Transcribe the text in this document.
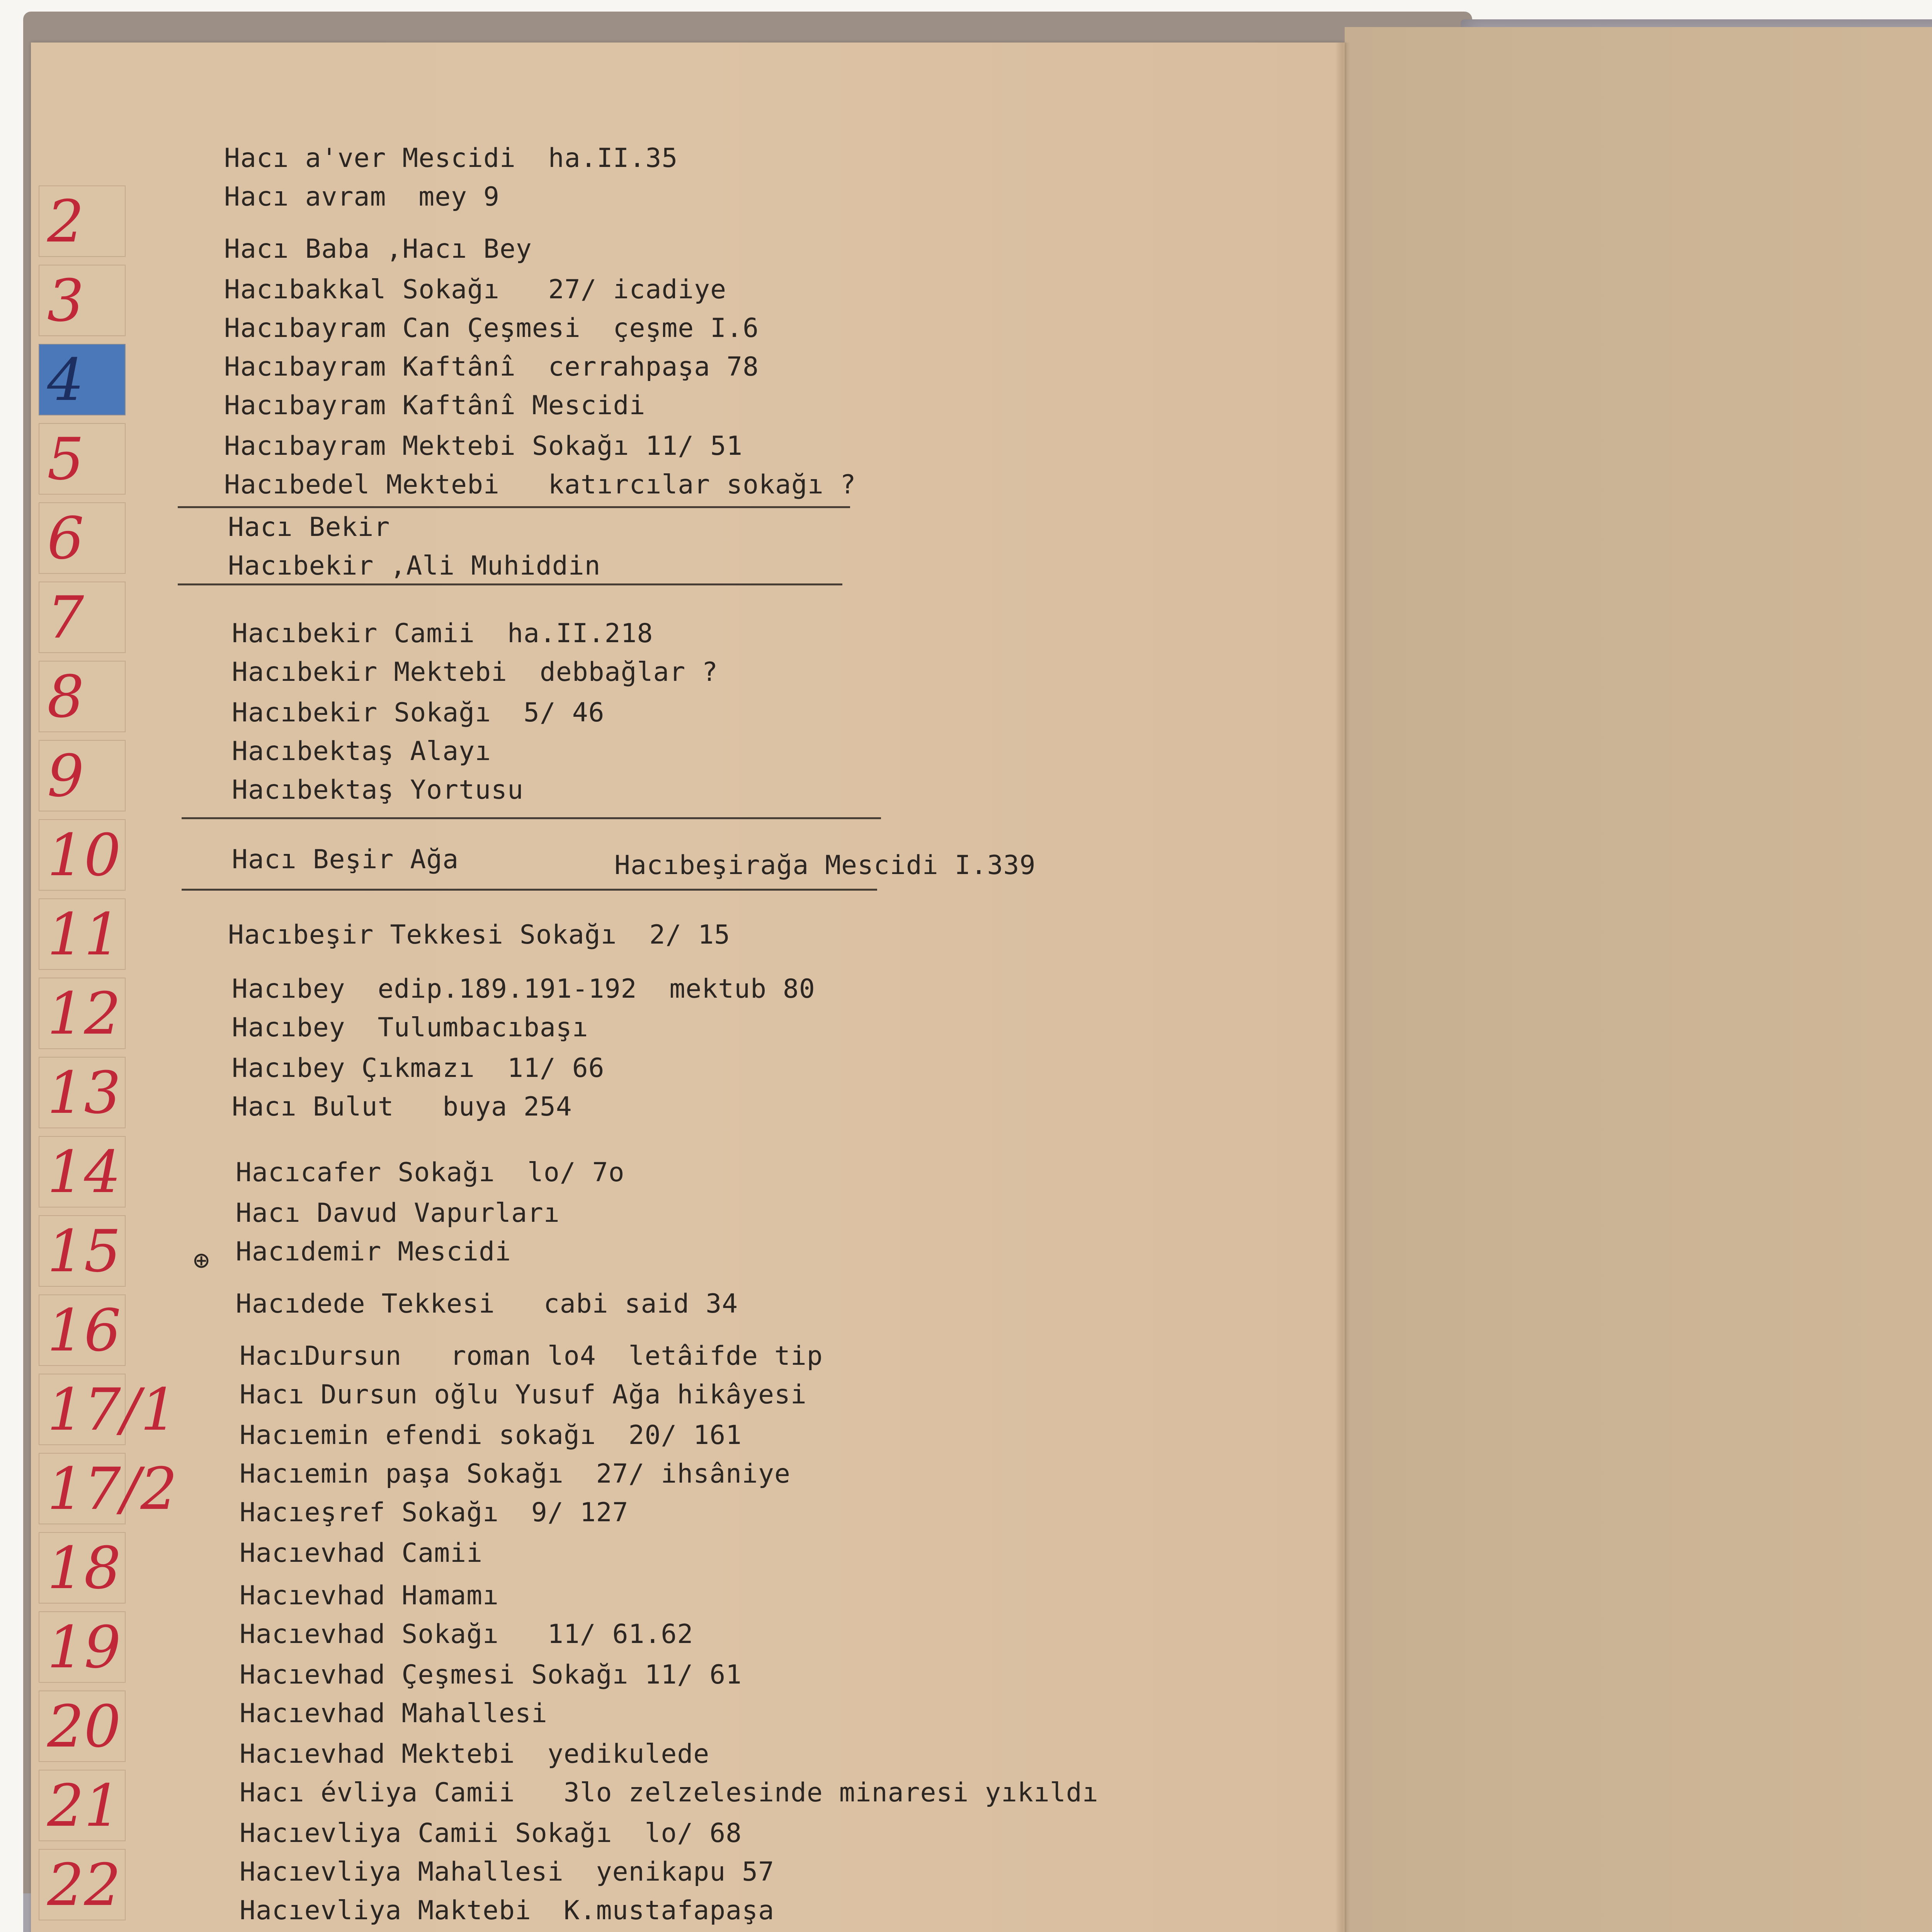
2
3
4
5
6
7
8
9
10
11
12
13
14
15
16
17/1
17/2
18
19
20
21
22
Hacı a'ver Mescidi  ha.II.35
Hacı avram  mey 9
Hacı Baba ,Hacı Bey
Hacıbakkal Sokağı   27/ icadiye
Hacıbayram Can Çeşmesi  çeşme I.6
Hacıbayram Kaftânî  cerrahpaşa 78
Hacıbayram Kaftânî Mescidi
Hacıbayram Mektebi Sokağı 11/ 51
Hacıbedel Mektebi   katırcılar sokağı ?
Hacı Bekir
Hacıbekir ,Ali Muhiddin
Hacıbekir Camii  ha.II.218
Hacıbekir Mektebi  debbağlar ?
Hacıbekir Sokağı  5/ 46
Hacıbektaş Alayı
Hacıbektaş Yortusu
Hacı Beşir Ağa	Hacıbeşirağa Mescidi I.339
Hacıbeşir Tekkesi Sokağı  2/ 15
Hacıbey  edip.189.191-192  mektub 80
Hacıbey  Tulumbacıbaşı
Hacıbey Çıkmazı  11/ 66
Hacı Bulut   buya 254
Hacıcafer Sokağı  lo/ 7o
Hacı Davud Vapurları
⊕ Hacıdemir Mescidi
Hacıdede Tekkesi   cabi said 34
HacıDursun   roman lo4  letâifde tip
Hacı Dursun oğlu Yusuf Ağa hikâyesi
Hacıemin efendi sokağı  20/ 161
Hacıemin paşa Sokağı  27/ ihsâniye
Hacıeşref Sokağı  9/ 127
Hacıevhad Camii
Hacıevhad Hamamı
Hacıevhad Sokağı   11/ 61.62
Hacıevhad Çeşmesi Sokağı 11/ 61
Hacıevhad Mahallesi
Hacıevhad Mektebi  yedikulede
Hacı évliya Camii   3lo zelzelesinde minaresi yıkıldı
Hacıevliya Camii Sokağı  lo/ 68
Hacıevliya Mahallesi  yenikapu 57
Hacıevliya Maktebi  K.mustafapaşa
